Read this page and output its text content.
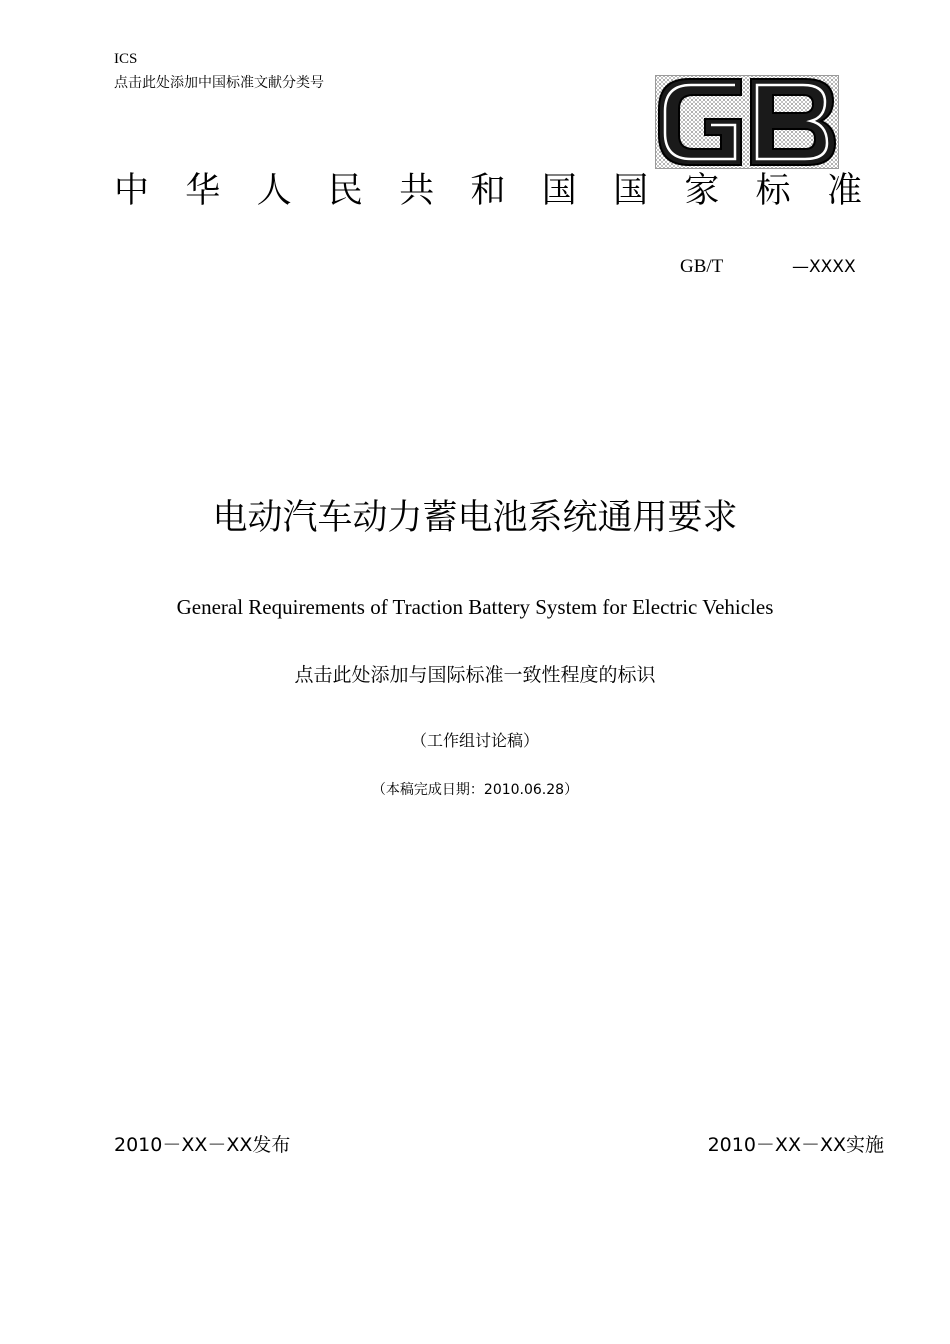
ICS
点击此处添加中国标准文献分类号
中 华 人 民 共 和 国 国 家 标 准
GB/T	—XXXX
电动汽车动力蓄电池系统通用要求
General Requirements of Traction Battery System for Electric Vehicles
点击此处添加与国际标准一致性程度的标识
（工作组讨论稿）
（本稿完成日期：2010.06.28）
2010－XX－XX发布	2010－XX－XX实施
